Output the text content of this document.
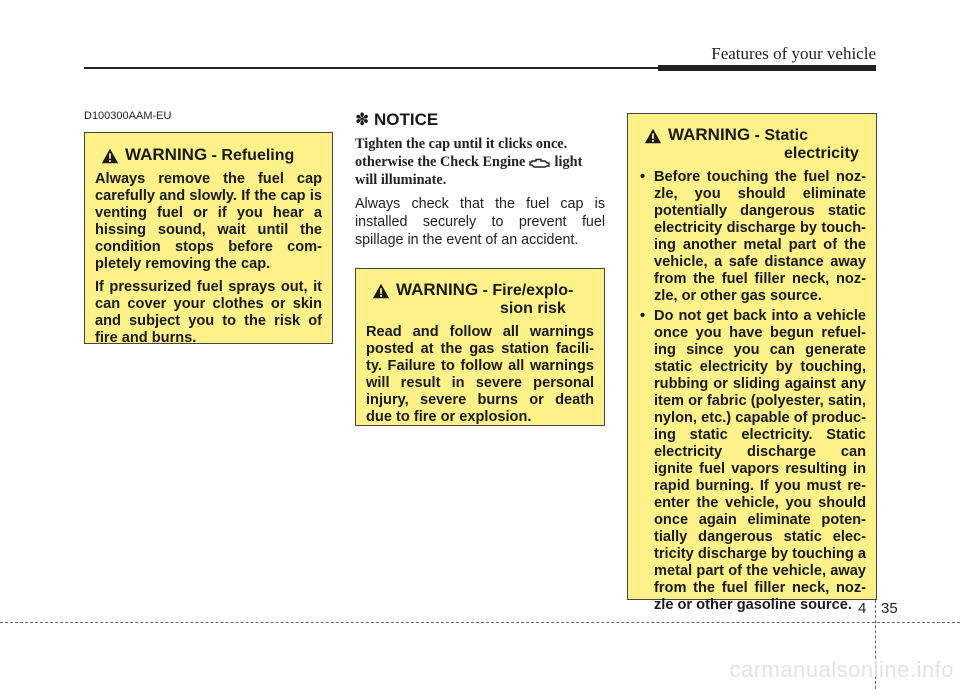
Features of your vehicle
D100300AAM-EU
WARNING - Refueling

Always remove the fuel cap carefully and slowly. If the cap is venting fuel or if you hear a hissing sound, wait until the condition stops before com-pletely removing the cap.

If pressurized fuel sprays out, it can cover your clothes or skin and subject you to the risk of fire and burns.

✽ NOTICE
Tighten the cap until it clicks once. otherwise the Check Engine  light will illuminate.
Always check that the fuel cap is installed securely to prevent fuel spillage in the event of an accident.
WARNING - Fire/explo-
sion risk

Read and follow all warnings posted at the gas station facili-ty. Failure to follow all warnings will result in severe personal injury, severe burns or death due to fire or explosion.

WARNING - Static
electricity
• Before touching the fuel noz-zle, you should eliminate potentially dangerous static electricity discharge by touch-ing another metal part of the vehicle, a safe distance away from the fuel filler neck, noz-zle, or other gas source.
• Do not get back into a vehicle once you have begun refuel-ing since you can generate static electricity by touching, rubbing or sliding against any item or fabric (polyester, satin, nylon, etc.) capable of produc-ing static electricity. Static electricity discharge can ignite fuel vapors resulting in rapid burning. If you must re-enter the vehicle, you should once again eliminate poten-tially dangerous static elec-tricity discharge by touching a metal part of the vehicle, away from the fuel filler neck, noz-zle or other gasoline source. 4 35
carmanualsonline.info
